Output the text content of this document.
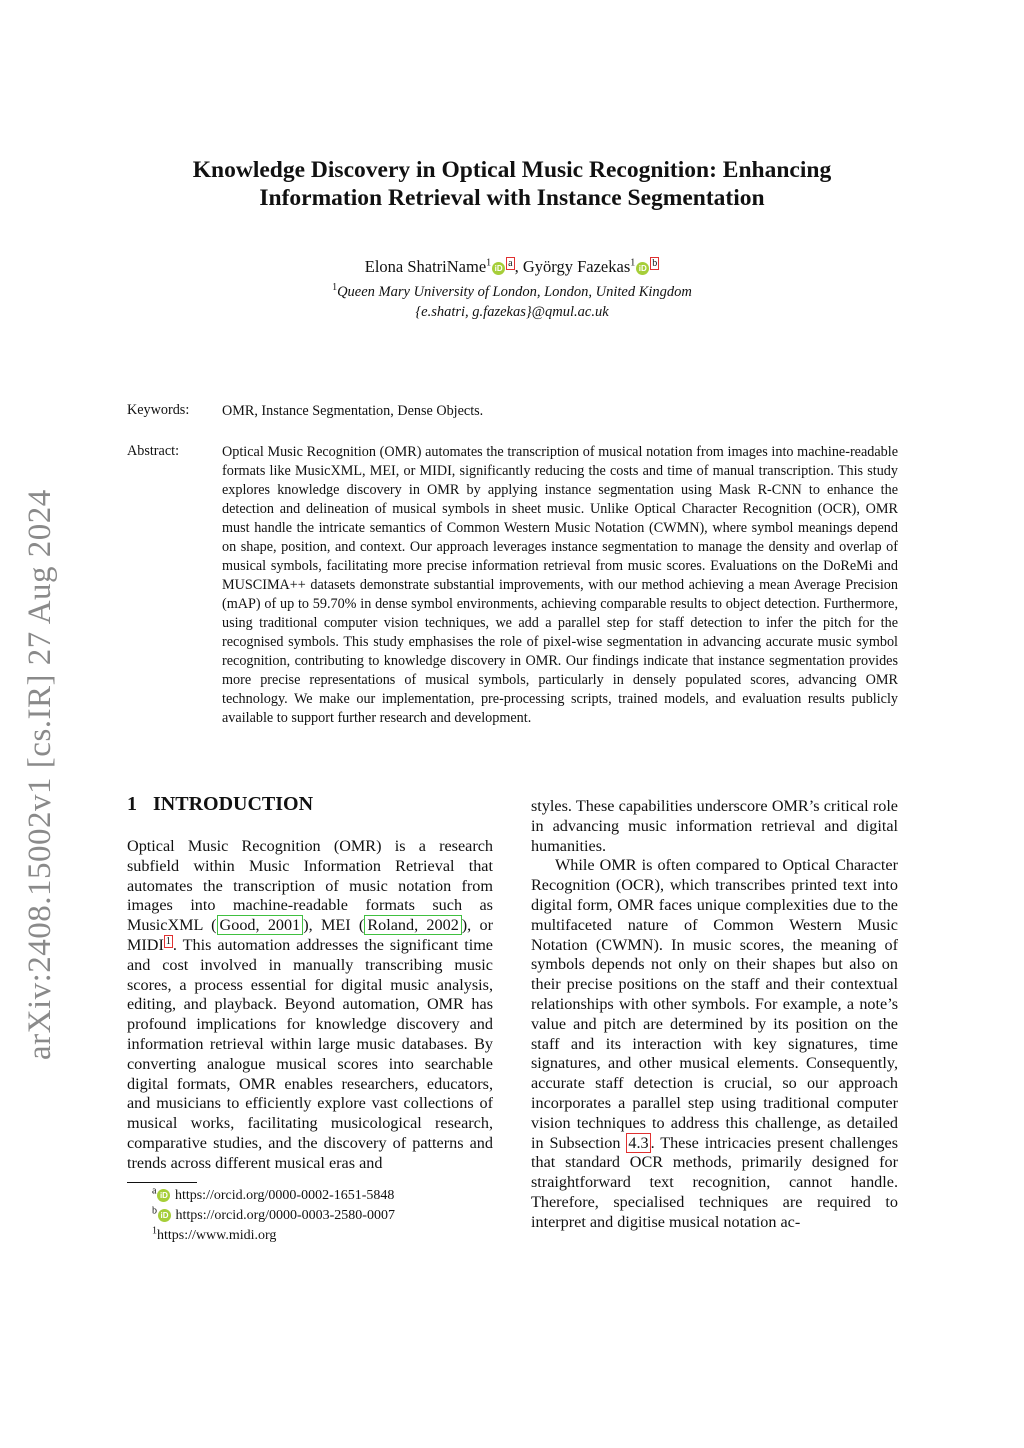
arXiv:2408.15002v1 [cs.IR] 27 Aug 2024
Knowledge Discovery in Optical Music Recognition: Enhancing Information Retrieval with Instance Segmentation
Elona ShatriName$^1$ iD $^a$ , György Fazekas$^1$ iD $^b$
$^1$Queen Mary University of London, London, United Kingdom
{e.shatri, g.fazekas}@qmul.ac.uk
Keywords: OMR, Instance Segmentation, Dense Objects.
Abstract:	Optical Music Recognition (OMR) automates the transcription of musical notation from images into machine-readable formats like MusicXML, MEI, or MIDI, significantly reducing the costs and time of manual transcription. This study explores knowledge discovery in OMR by applying instance segmentation using Mask R-CNN to enhance the detection and delineation of musical symbols in sheet music. Unlike Optical Character Recognition (OCR), OMR must handle the intricate semantics of Common Western Music Notation (CWMN), where symbol meanings depend on shape, position, and context. Our approach leverages instance segmentation to manage the density and overlap of musical symbols, facilitating more precise information retrieval from music scores. Evaluations on the DoReMi and MUSCIMA++ datasets demonstrate substantial improvements, with our method achieving a mean Average Precision (mAP) of up to 59.70% in dense symbol environments, achieving comparable results to object detection. Furthermore, using traditional computer vision techniques, we add a parallel step for staff detection to infer the pitch for the recognised symbols. This study emphasises the role of pixel-wise segmentation in advancing accurate music symbol recognition, contributing to knowledge discovery in OMR. Our findings indicate that instance segmentation provides more precise representations of musical symbols, particularly in densely populated scores, advancing OMR technology. We make our implementation, pre-processing scripts, trained models, and evaluation results publicly available to support further research and development.
1 INTRODUCTION

Optical Music Recognition (OMR) is a research subfield within Music Information Retrieval that automates the transcription of music notation from images into machine-readable formats such as MusicXML ( Good, 2001 ), MEI ( Roland, 2002 ), or MIDI $^1$ . This automation addresses the significant time and cost involved in manually transcribing music scores, a process essential for digital music analysis, editing, and playback. Beyond automation, OMR has profound implications for knowledge discovery and information retrieval within large music databases. By converting analogue musical scores into searchable digital formats, OMR enables researchers, educators, and musicians to efficiently explore vast collections of musical works, facilitating musicological research, comparative studies, and the discovery of patterns and trends across different musical eras and

styles. These capabilities underscore OMR’s critical role in advancing music information retrieval and digital humanities.

While OMR is often compared to Optical Character Recognition (OCR), which transcribes printed text into digital form, OMR faces unique complexities due to the multifaceted nature of Common Western Music Notation (CWMN). In music scores, the meaning of symbols depends not only on their shapes but also on their precise positions on the staff and their contextual relationships with other symbols. For example, a note’s value and pitch are determined by its position on the staff and its interaction with key signatures, time signatures, and other musical elements. Consequently, accurate staff detection is crucial, so our approach incorporates a parallel step using traditional computer vision techniques to address this challenge, as detailed in Subsection 4.3 . These intricacies present challenges that standard OCR methods, primarily designed for straightforward text recognition, cannot handle. Therefore, specialised techniques are required to interpret and digitise musical notation ac-

$^a$ iD https://orcid.org/0000-0002-1651-5848
$^b$ iD https://orcid.org/0000-0003-2580-0007
$^1$https://www.midi.org
